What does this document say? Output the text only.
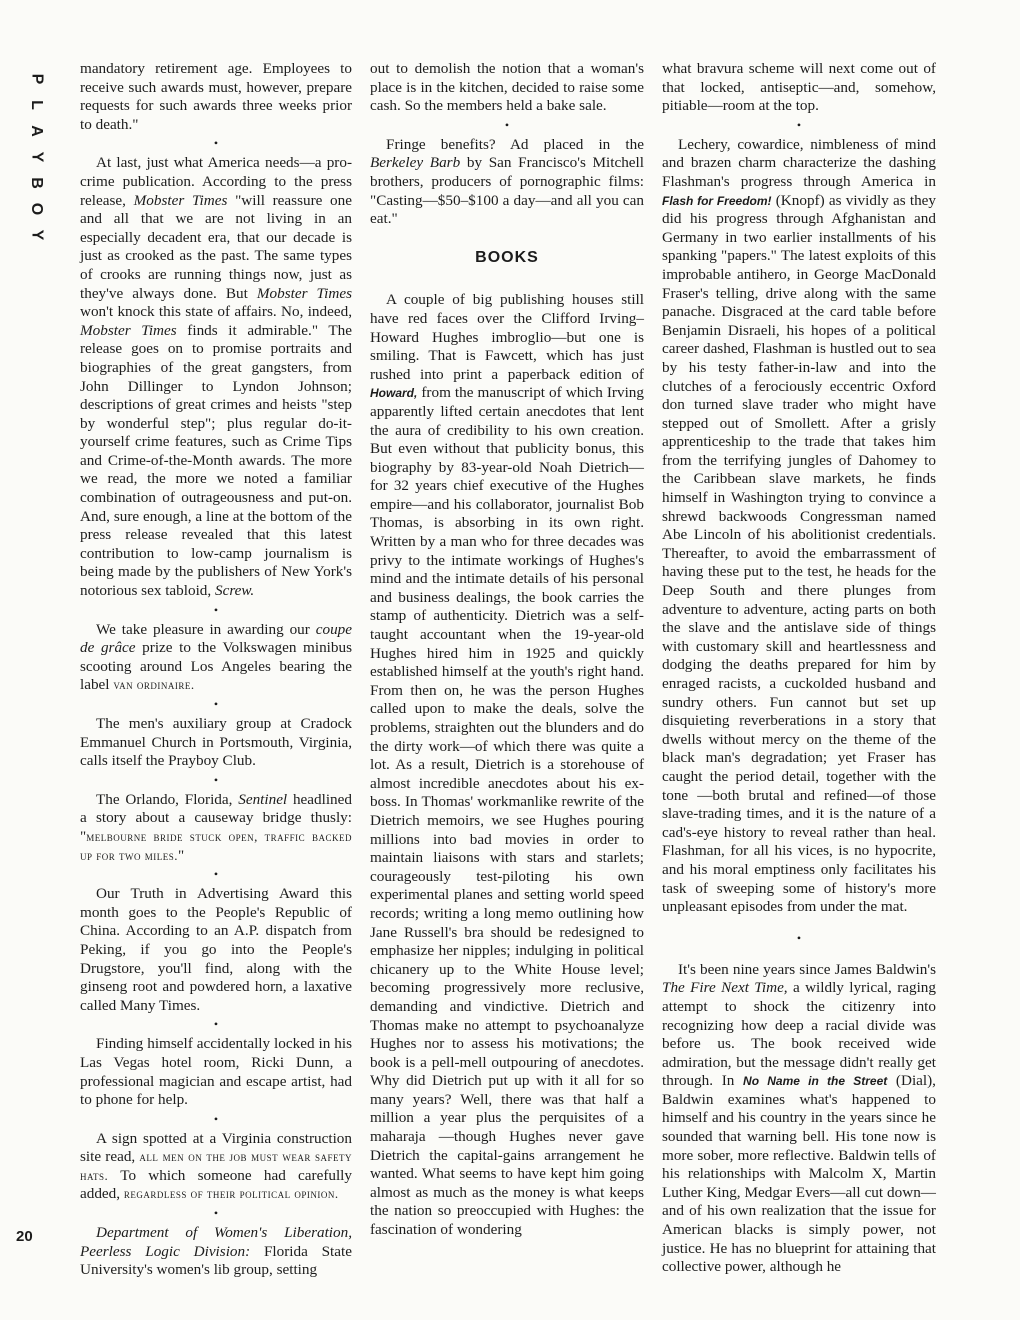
P
L
A
Y
B
O
Y
20

mandatory retirement age. Employees to receive such awards must, however, prepare requests for such awards three weeks prior to death."

•

At last, just what America needs—a pro-crime publication. According to the press release, Mobster Times "will reassure one and all that we are not living in an especially decadent era, that our decade is just as crooked as the past. The same types of crooks are running things now, just as they've always done. But Mobster Times won't knock this state of affairs. No, indeed, Mobster Times finds it admirable." The release goes on to promise portraits and biographies of the great gangsters, from John Dillinger to Lyndon Johnson; descriptions of great crimes and heists "step by wonderful step"; plus regular do-it-yourself crime features, such as Crime Tips and Crime-of-the-Month awards. The more we read, the more we noted a familiar combination of outrageousness and put-on. And, sure enough, a line at the bottom of the press release revealed that this latest contribution to low-camp journalism is being made by the publishers of New York's notorious sex tabloid, Screw.

•

We take pleasure in awarding our coupe de grâce prize to the Volkswagen minibus scooting around Los Angeles bearing the label van ordinaire.

•

The men's auxiliary group at Cradock Emmanuel Church in Portsmouth, Virginia, calls itself the Prayboy Club.

•

The Orlando, Florida, Sentinel headlined a story about a causeway bridge thusly: "melbourne bride stuck open, traffic backed up for two miles."

•

Our Truth in Advertising Award this month goes to the People's Republic of China. According to an A.P. dispatch from Peking, if you go into the People's Drugstore, you'll find, along with the ginseng root and powdered horn, a laxative called Many Times.

•

Finding himself accidentally locked in his Las Vegas hotel room, Ricki Dunn, a professional magician and escape artist, had to phone for help.

•

A sign spotted at a Virginia construction site read, all men on the job must wear safety hats. To which someone had carefully added, regardless of their political opinion.

•

Department of Women's Liberation, Peerless Logic Division: Florida State University's women's lib group, setting

out to demolish the notion that a woman's place is in the kitchen, decided to raise some cash. So the members held a bake sale.

•

Fringe benefits? Ad placed in the Berkeley Barb by San Francisco's Mitchell brothers, producers of pornographic films: "Casting—$50–$100 a day—and all you can eat."

BOOKS

A couple of big publishing houses still have red faces over the Clifford Irving–Howard Hughes imbroglio—but one is smiling. That is Fawcett, which has just rushed into print a paperback edition of Howard, from the manuscript of which Irving apparently lifted certain anecdotes that lent the aura of credibility to his own creation. But even without that publicity bonus, this biography by 83-year-old Noah Dietrich—for 32 years chief executive of the Hughes empire—and his collaborator, journalist Bob Thomas, is absorbing in its own right. Written by a man who for three decades was privy to the intimate workings of Hughes's mind and the intimate details of his personal and business dealings, the book carries the stamp of authenticity. Dietrich was a self-taught accountant when the 19-year-old Hughes hired him in 1925 and quickly established himself at the youth's right hand. From then on, he was the person Hughes called upon to make the deals, solve the problems, straighten out the blunders and do the dirty work—of which there was quite a lot. As a result, Dietrich is a storehouse of almost incredible anecdotes about his ex-boss. In Thomas' workmanlike rewrite of the Dietrich memoirs, we see Hughes pouring millions into bad movies in order to maintain liaisons with stars and starlets; courageously test-piloting his own experimental planes and setting world speed records; writing a long memo outlining how Jane Russell's bra should be redesigned to emphasize her nipples; indulging in political chicanery up to the White House level; becoming progressively more reclusive, demanding and vindictive. Dietrich and Thomas make no attempt to psychoanalyze Hughes nor to assess his motivations; the book is a pell-mell outpouring of anecdotes. Why did Dietrich put up with it all for so many years? Well, there was that half a million a year plus the perquisites of a maharaja —though Hughes never gave Dietrich the capital-gains arrangement he wanted. What seems to have kept him going almost as much as the money is what keeps the nation so preoccupied with Hughes: the fascination of wondering

what bravura scheme will next come out of that locked, antiseptic—and, somehow, pitiable—room at the top.

•

Lechery, cowardice, nimbleness of mind and brazen charm characterize the dashing Flashman's progress through America in Flash for Freedom! (Knopf) as vividly as they did his progress through Afghanistan and Germany in two earlier installments of his spanking "papers." The latest exploits of this improbable antihero, in George MacDonald Fraser's telling, drive along with the same panache. Disgraced at the card table before Benjamin Disraeli, his hopes of a political career dashed, Flashman is hustled out to sea by his testy father-in-law and into the clutches of a ferociously eccentric Oxford don turned slave trader who might have stepped out of Smollett. After a grisly apprenticeship to the trade that takes him from the terrifying jungles of Dahomey to the Caribbean slave markets, he finds himself in Washington trying to convince a shrewd backwoods Congressman named Abe Lincoln of his abolitionist credentials. Thereafter, to avoid the embarrassment of having these put to the test, he heads for the Deep South and there plunges from adventure to adventure, acting parts on both the slave and the antislave side of things with customary skill and heartlessness and dodging the deaths prepared for him by enraged racists, a cuckolded husband and sundry others. Fun cannot but set up disquieting reverberations in a story that dwells without mercy on the theme of the black man's degradation; yet Fraser has caught the period detail, together with the tone —both brutal and refined—of those slave-trading times, and it is the nature of a cad's-eye history to reveal rather than heal. Flashman, for all his vices, is no hypocrite, and his moral emptiness only facilitates his task of sweeping some of history's more unpleasant episodes from under the mat.

•

It's been nine years since James Baldwin's The Fire Next Time, a wildly lyrical, raging attempt to shock the citizenry into recognizing how deep a racial divide was before us. The book received wide admiration, but the message didn't really get through. In No Name in the Street (Dial), Baldwin examines what's happened to himself and his country in the years since he sounded that warning bell. His tone now is more sober, more reflective. Baldwin tells of his relationships with Malcolm X, Martin Luther King, Medgar Evers—all cut down—and of his own realization that the issue for American blacks is simply power, not justice. He has no blueprint for attaining that collective power, although he
